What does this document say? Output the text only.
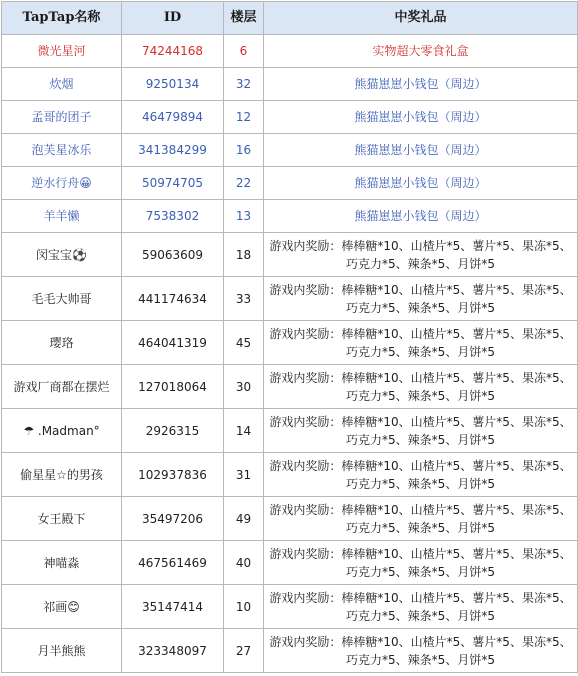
TapTap名称	ID	楼层	中奖礼品
微光星河	74244168	6	实物超大零食礼盒
炊烟	9250134	32	熊猫崽崽小钱包（周边）
孟哥的团子	46479894	12	熊猫崽崽小钱包（周边）
泡芙星冰乐	341384299	16	熊猫崽崽小钱包（周边）
逆水行舟😀	50974705	22	熊猫崽崽小钱包（周边）
羊羊懒	7538302	13	熊猫崽崽小钱包（周边）
闵宝宝⚽	59063609	18	游戏内奖励：棒棒糖*10、山楂片*5、薯片*5、果冻*5、巧克力*5、辣条*5、月饼*5
毛毛大帅哥	441174634	33	游戏内奖励：棒棒糖*10、山楂片*5、薯片*5、果冻*5、巧克力*5、辣条*5、月饼*5
璎珞	464041319	45	游戏内奖励：棒棒糖*10、山楂片*5、薯片*5、果冻*5、巧克力*5、辣条*5、月饼*5
游戏厂商都在摆烂	127018064	30	游戏内奖励：棒棒糖*10、山楂片*5、薯片*5、果冻*5、巧克力*5、辣条*5、月饼*5
☂ .Madman°	2926315	14	游戏内奖励：棒棒糖*10、山楂片*5、薯片*5、果冻*5、巧克力*5、辣条*5、月饼*5
偷星星☆的男孩	102937836	31	游戏内奖励：棒棒糖*10、山楂片*5、薯片*5、果冻*5、巧克力*5、辣条*5、月饼*5
女王殿下	35497206	49	游戏内奖励：棒棒糖*10、山楂片*5、薯片*5、果冻*5、巧克力*5、辣条*5、月饼*5
神喵淼	467561469	40	游戏内奖励：棒棒糖*10、山楂片*5、薯片*5、果冻*5、巧克力*5、辣条*5、月饼*5
祁画😊	35147414	10	游戏内奖励：棒棒糖*10、山楂片*5、薯片*5、果冻*5、巧克力*5、辣条*5、月饼*5
月半熊熊	323348097	27	游戏内奖励：棒棒糖*10、山楂片*5、薯片*5、果冻*5、巧克力*5、辣条*5、月饼*5
